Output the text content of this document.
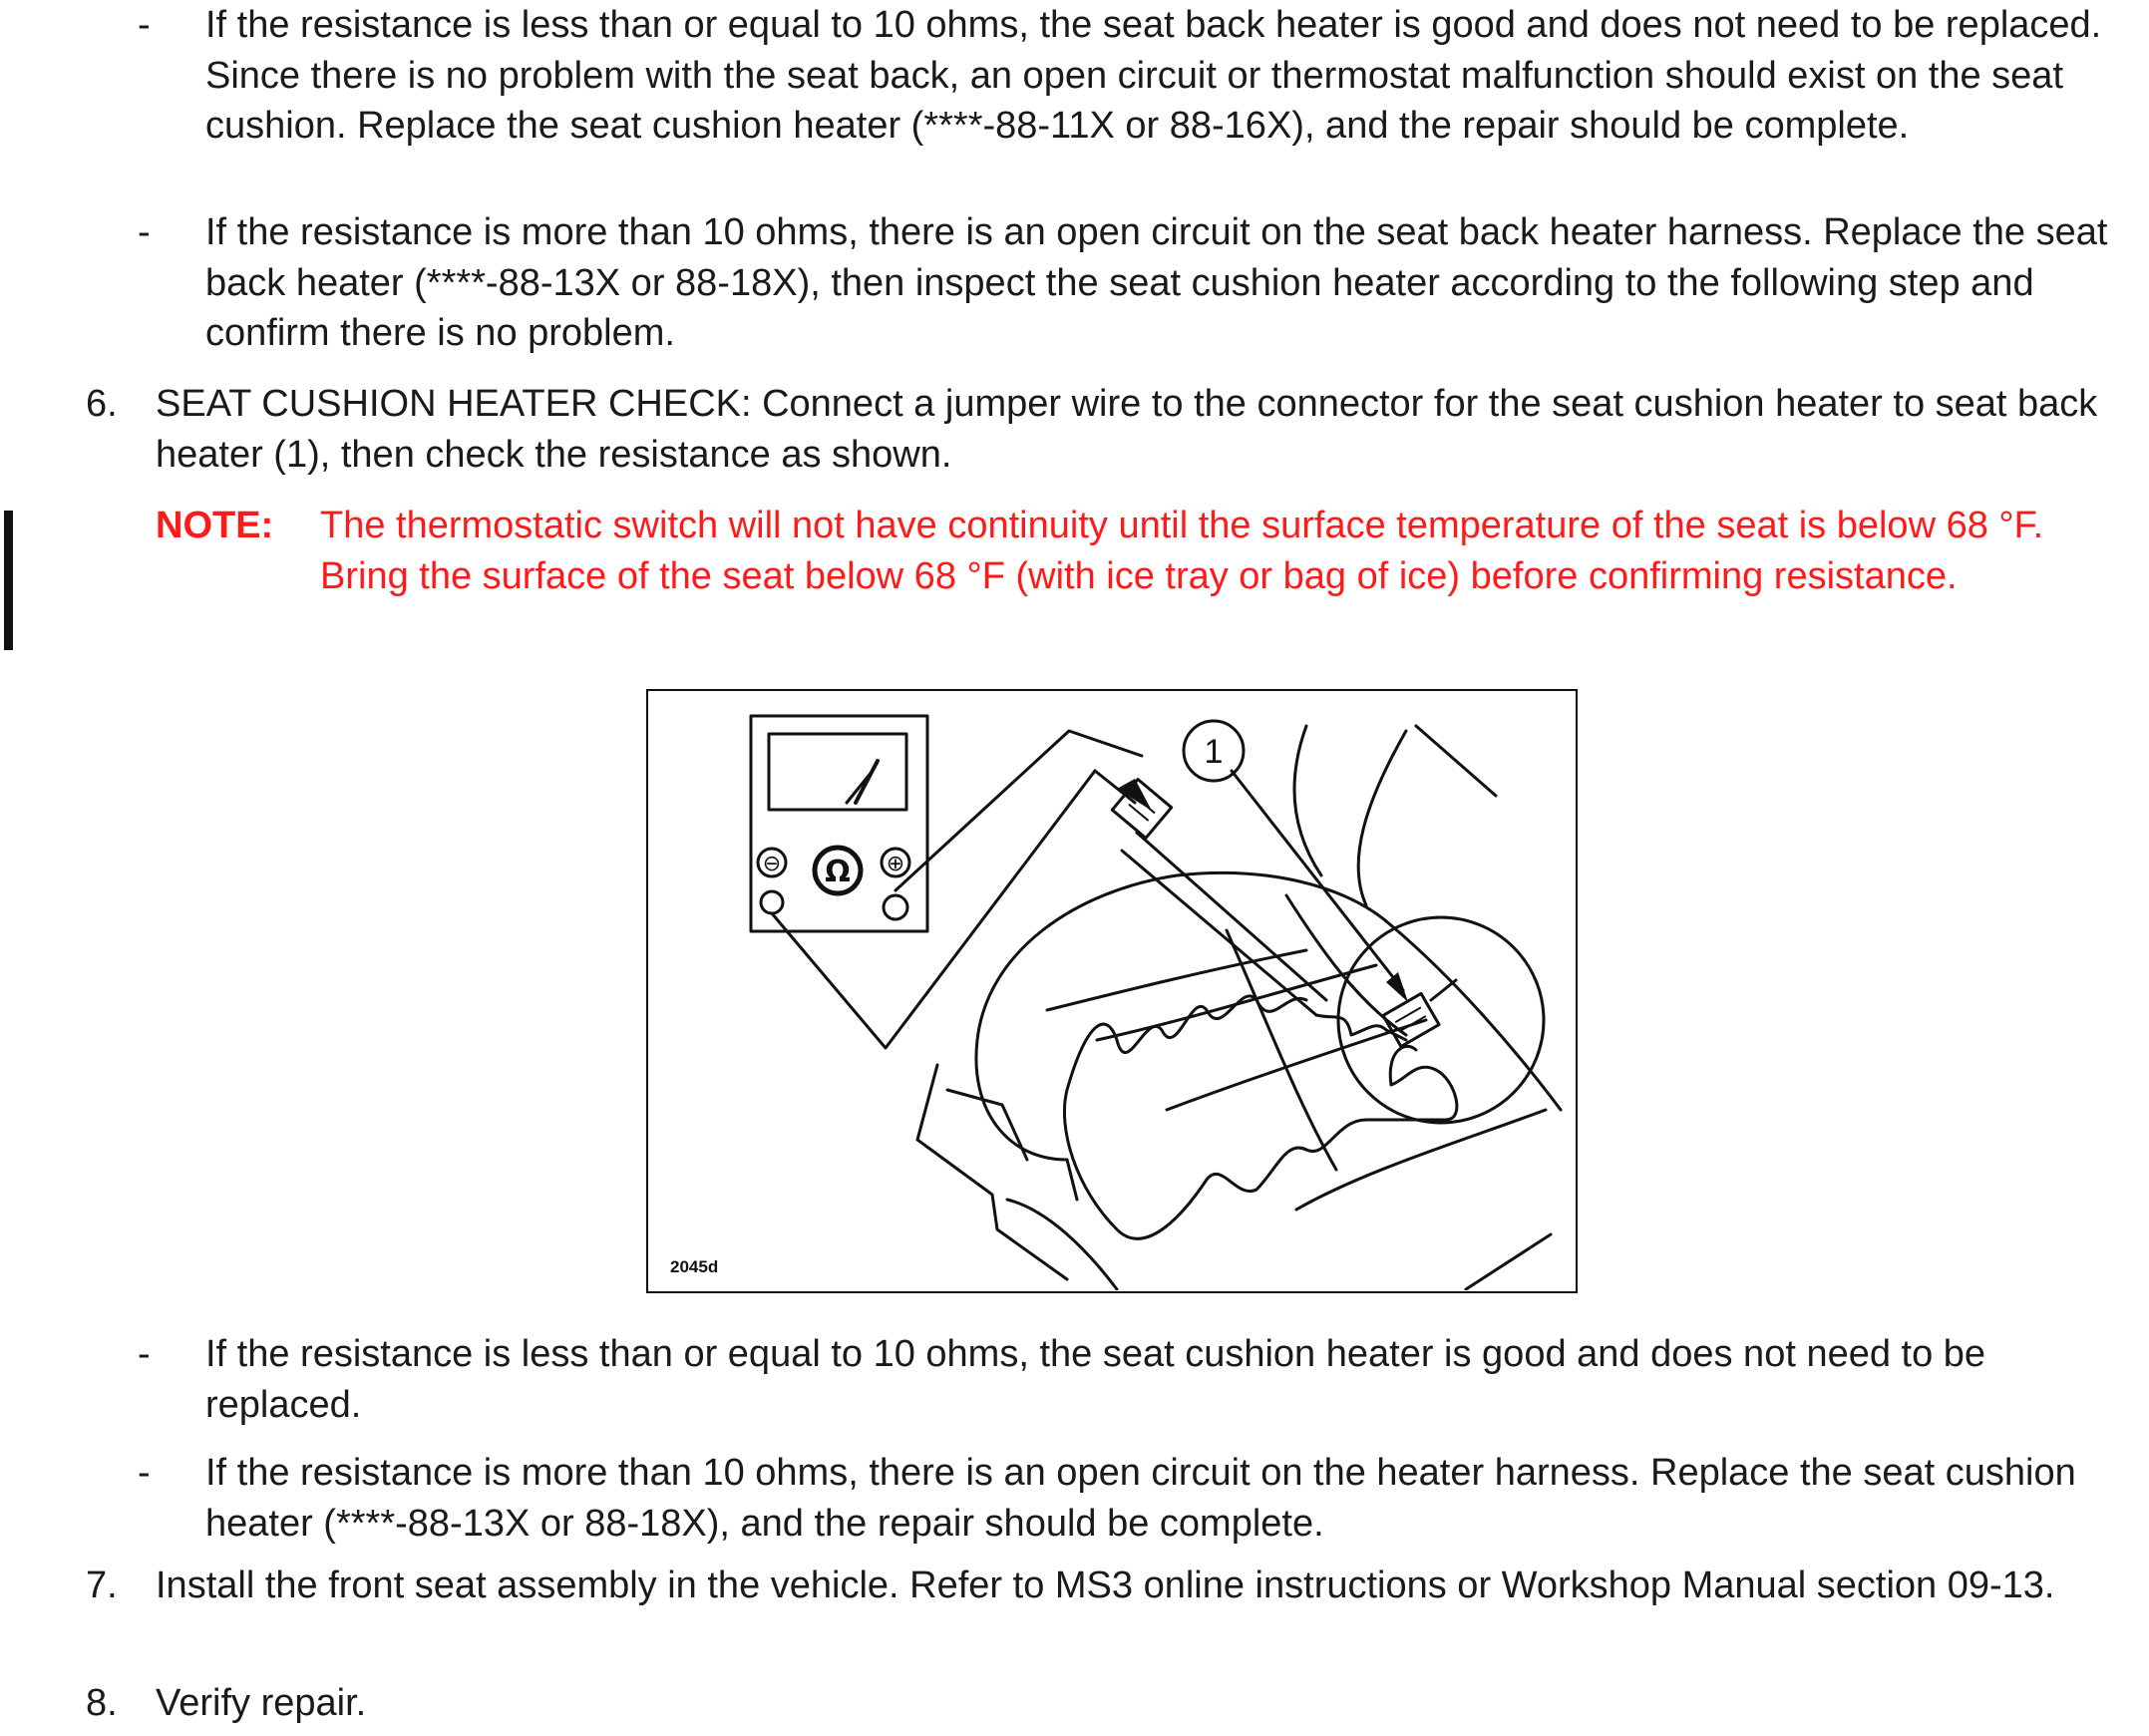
- If the resistance is less than or equal to 10 ohms, the seat back heater is good and does not need to be replaced. Since there is no problem with the seat back, an open circuit or thermostat malfunction should exist on the seat cushion. Replace the seat cushion heater (****-88-11X or 88-16X), and the repair should be complete.
- If the resistance is more than 10 ohms, there is an open circuit on the seat back heater harness. Replace the seat back heater (****-88-13X or 88-18X), then inspect the seat cushion heater according to the following step and confirm there is no problem.
6. SEAT CUSHION HEATER CHECK: Connect a jumper wire to the connector for the seat cushion heater to seat back heater (1), then check the resistance as shown.
NOTE: The thermostatic switch will not have continuity until the surface temperature of the seat is below 68 °F. Bring the surface of the seat below 68 °F (with ice tray or bag of ice) before confirming resistance.
1
⊖	⊕
Ω
2045d
- If the resistance is less than or equal to 10 ohms, the seat cushion heater is good and does not need to be replaced.
- If the resistance is more than 10 ohms, there is an open circuit on the heater harness. Replace the seat cushion heater (****-88-13X or 88-18X), and the repair should be complete.
7. Install the front seat assembly in the vehicle. Refer to MS3 online instructions or Workshop Manual section 09-13.
8. Verify repair.
